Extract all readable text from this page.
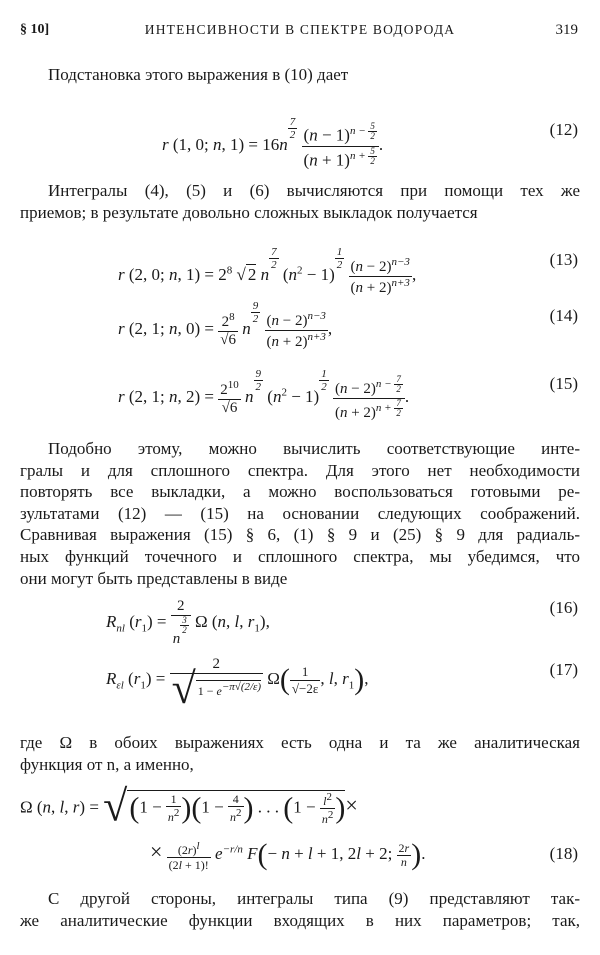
§ 10]	ИНТЕНСИВНОСТИ В СПЕКТРЕ ВОДОРОДА	319
Подстановка этого выражения в (10) дает
r (1, 0; n, 1) = 16n
$\frac{7}{2}$
$(n - 1)^{n - \frac{5}{2}}$
$(n + 1)^{n + \frac{5}{2}}$ .
(12)
Интегралы (4), (5) и (6) вычисляются при помощи тех же
приемов; в результате довольно сложных выкладок получается
r (2, 0; n, $1) = 2^8$ √ 2 n
$\frac{7}{2}$
$(n^2 - 1)$
$\frac{1}{2}$
$\frac{(n - 2)^{n-3}}{(n + 2)^{n+3}}$ ,
(13)
r (2, 1; n, $0) = \frac{2^8}{√6}$ n
$\frac{9}{2}$
$\frac{(n - 2)^{n-3}}{(n + 2)^{n+3}}$ ,
(14)
r (2, 1; n, $2) = \frac{2^{10}}{√6}$ n
$\frac{9}{2}$
$(n^2 - 1)$
$\frac{1}{2}$
$(n - 2)^{n - \frac{7}{2}}$
$(n + 2)^{n + \frac{7}{2}}$ .
(15)
Подобно этому, можно вычислить соответствующие инте-
гралы и для сплошного спектра. Для этого нет необходимости
повторять все выкладки, а можно воспользоваться готовыми ре-
зультатами (12) — (15) на основании следующих соображений.
Сравнивая выражения (15) § 6, (1) § 9 и (25) § 9 для радиаль-
ных функций точечного и сплошного спектра, мы убедимся, что
они могут быть представлены в виде
$R_{nl}$ $(r_1) = 2$
n
$\frac{3}{2}$ Ω (n, l, $r_1$),
(16)
$R_{\varepsilon l}$ $(r_1) = \frac{2}{√ 1 - e-\pi√(2/\varepsilon)} \Omega( \frac{1}{√-2\varepsilon}$ , l, $r_1$),	(17)
где Ω в обоих выражениях есть одна и та же аналитическая
функция от n, а именно,
Ω (n, l, $r) = √(1 - \frac{1}{n2} )(1 - \frac{4}{n2}$ ) . . . ($1 - \frac{l2}{n2}$ )×
× $\frac{(2r)l}{(2l + 1)!} e^{-r/n}$ F(− n + l + 1, 2l + 2; $\frac{2r}{n}$ ).	(18)
С другой стороны, интегралы типа (9) представляют так-
же аналитические функции входящих в них параметров; так,
